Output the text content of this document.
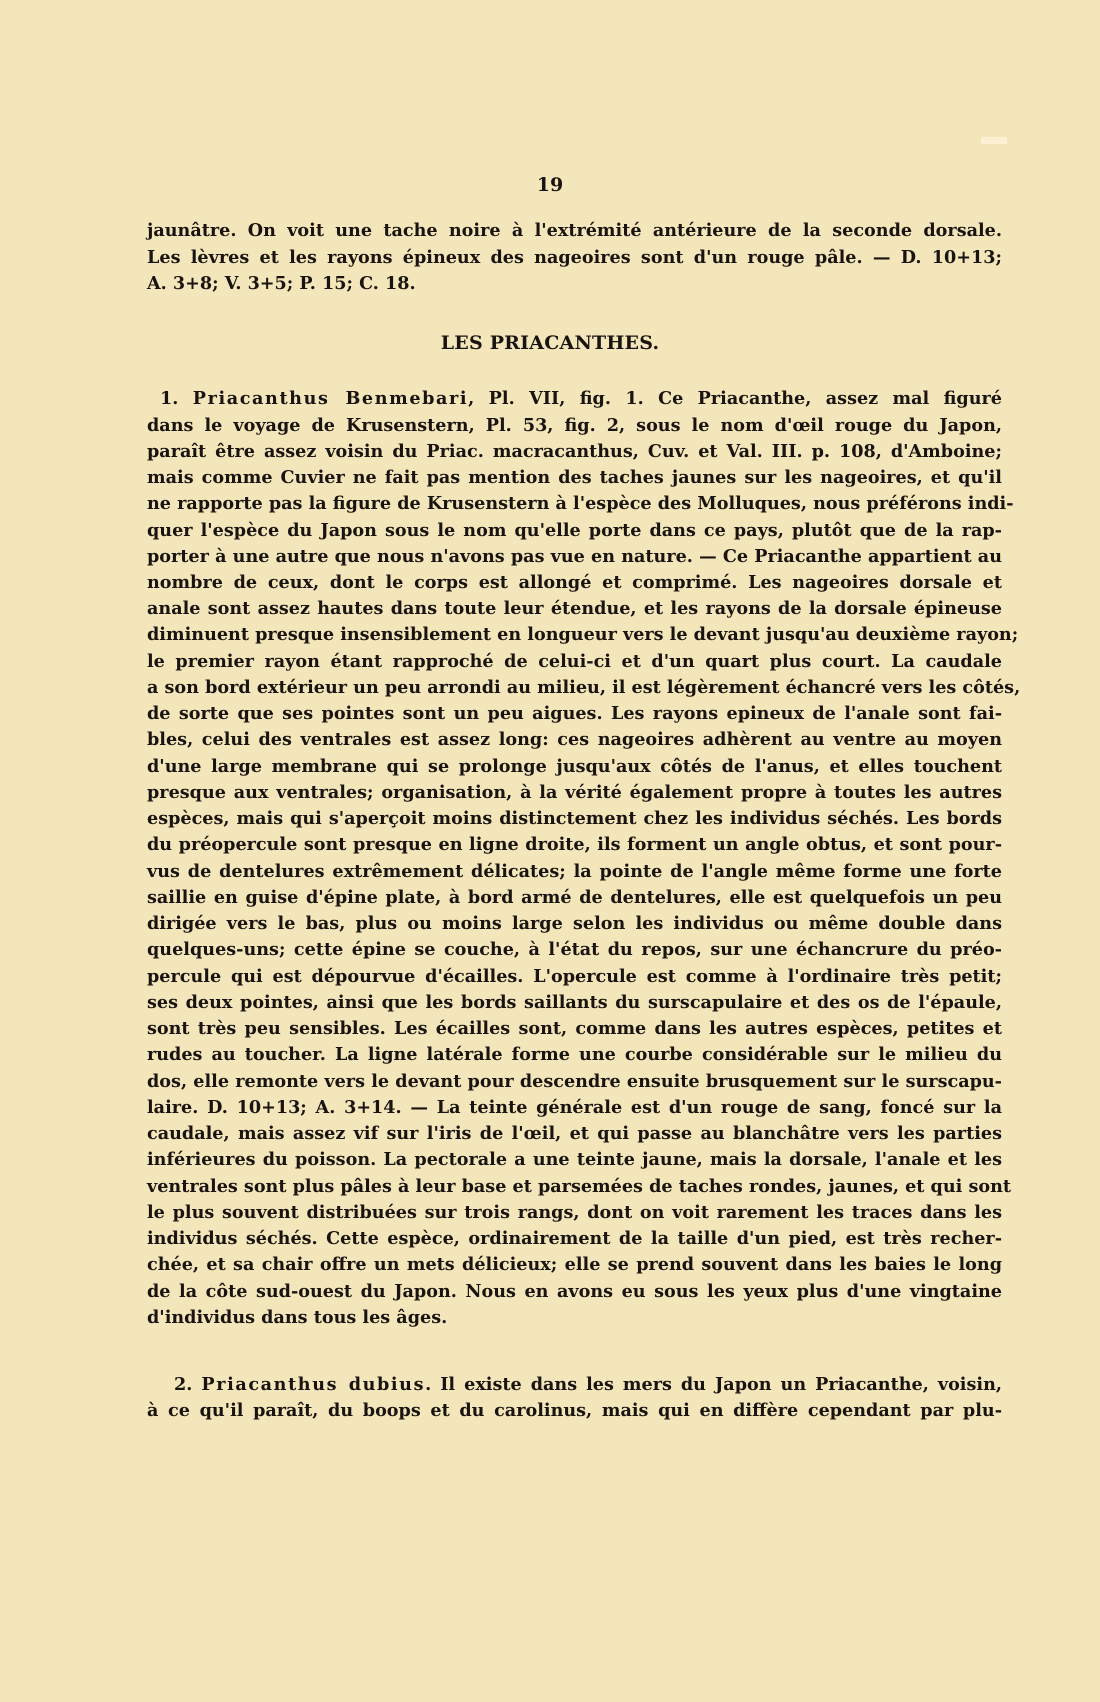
19
jaunâtre. On voit une tache noire à l'extrémité antérieure de la seconde dorsale.
Les lèvres et les rayons épineux des nageoires sont d'un rouge pâle. — D. 10+13;
A. 3+8; V. 3+5; P. 15; C. 18.
LES PRIACANTHES.
1. Priacanthus Benmebari, Pl. VII, fig. 1. Ce Priacanthe, assez mal figuré
dans le voyage de Krusenstern, Pl. 53, fig. 2, sous le nom d'œil rouge du Japon,
paraît être assez voisin du Priac. macracanthus, Cuv. et Val. III. p. 108, d'Amboine;
mais comme Cuvier ne fait pas mention des taches jaunes sur les nageoires, et qu'il
ne rapporte pas la figure de Krusenstern à l'espèce des Molluques, nous préférons indi-
quer l'espèce du Japon sous le nom qu'elle porte dans ce pays, plutôt que de la rap-
porter à une autre que nous n'avons pas vue en nature. — Ce Priacanthe appartient au
nombre de ceux, dont le corps est allongé et comprimé. Les nageoires dorsale et
anale sont assez hautes dans toute leur étendue, et les rayons de la dorsale épineuse
diminuent presque insensiblement en longueur vers le devant jusqu'au deuxième rayon;
le premier rayon étant rapproché de celui-ci et d'un quart plus court. La caudale
a son bord extérieur un peu arrondi au milieu, il est légèrement échancré vers les côtés,
de sorte que ses pointes sont un peu aigues. Les rayons epineux de l'anale sont fai-
bles, celui des ventrales est assez long: ces nageoires adhèrent au ventre au moyen
d'une large membrane qui se prolonge jusqu'aux côtés de l'anus, et elles touchent
presque aux ventrales; organisation, à la vérité également propre à toutes les autres
espèces, mais qui s'aperçoit moins distinctement chez les individus séchés. Les bords
du préopercule sont presque en ligne droite, ils forment un angle obtus, et sont pour-
vus de dentelures extrêmement délicates; la pointe de l'angle même forme une forte
saillie en guise d'épine plate, à bord armé de dentelures, elle est quelquefois un peu
dirigée vers le bas, plus ou moins large selon les individus ou même double dans
quelques-uns; cette épine se couche, à l'état du repos, sur une échancrure du préo-
percule qui est dépourvue d'écailles. L'opercule est comme à l'ordinaire très petit;
ses deux pointes, ainsi que les bords saillants du surscapulaire et des os de l'épaule,
sont très peu sensibles. Les écailles sont, comme dans les autres espèces, petites et
rudes au toucher. La ligne latérale forme une courbe considérable sur le milieu du
dos, elle remonte vers le devant pour descendre ensuite brusquement sur le surscapu-
laire. D. 10+13; A. 3+14. — La teinte générale est d'un rouge de sang, foncé sur la
caudale, mais assez vif sur l'iris de l'œil, et qui passe au blanchâtre vers les parties
inférieures du poisson. La pectorale a une teinte jaune, mais la dorsale, l'anale et les
ventrales sont plus pâles à leur base et parsemées de taches rondes, jaunes, et qui sont
le plus souvent distribuées sur trois rangs, dont on voit rarement les traces dans les
individus séchés. Cette espèce, ordinairement de la taille d'un pied, est très recher-
chée, et sa chair offre un mets délicieux; elle se prend souvent dans les baies le long
de la côte sud-ouest du Japon. Nous en avons eu sous les yeux plus d'une vingtaine
d'individus dans tous les âges.
2. Priacanthus dubius. Il existe dans les mers du Japon un Priacanthe, voisin,
à ce qu'il paraît, du boops et du carolinus, mais qui en diffère cependant par plu-
